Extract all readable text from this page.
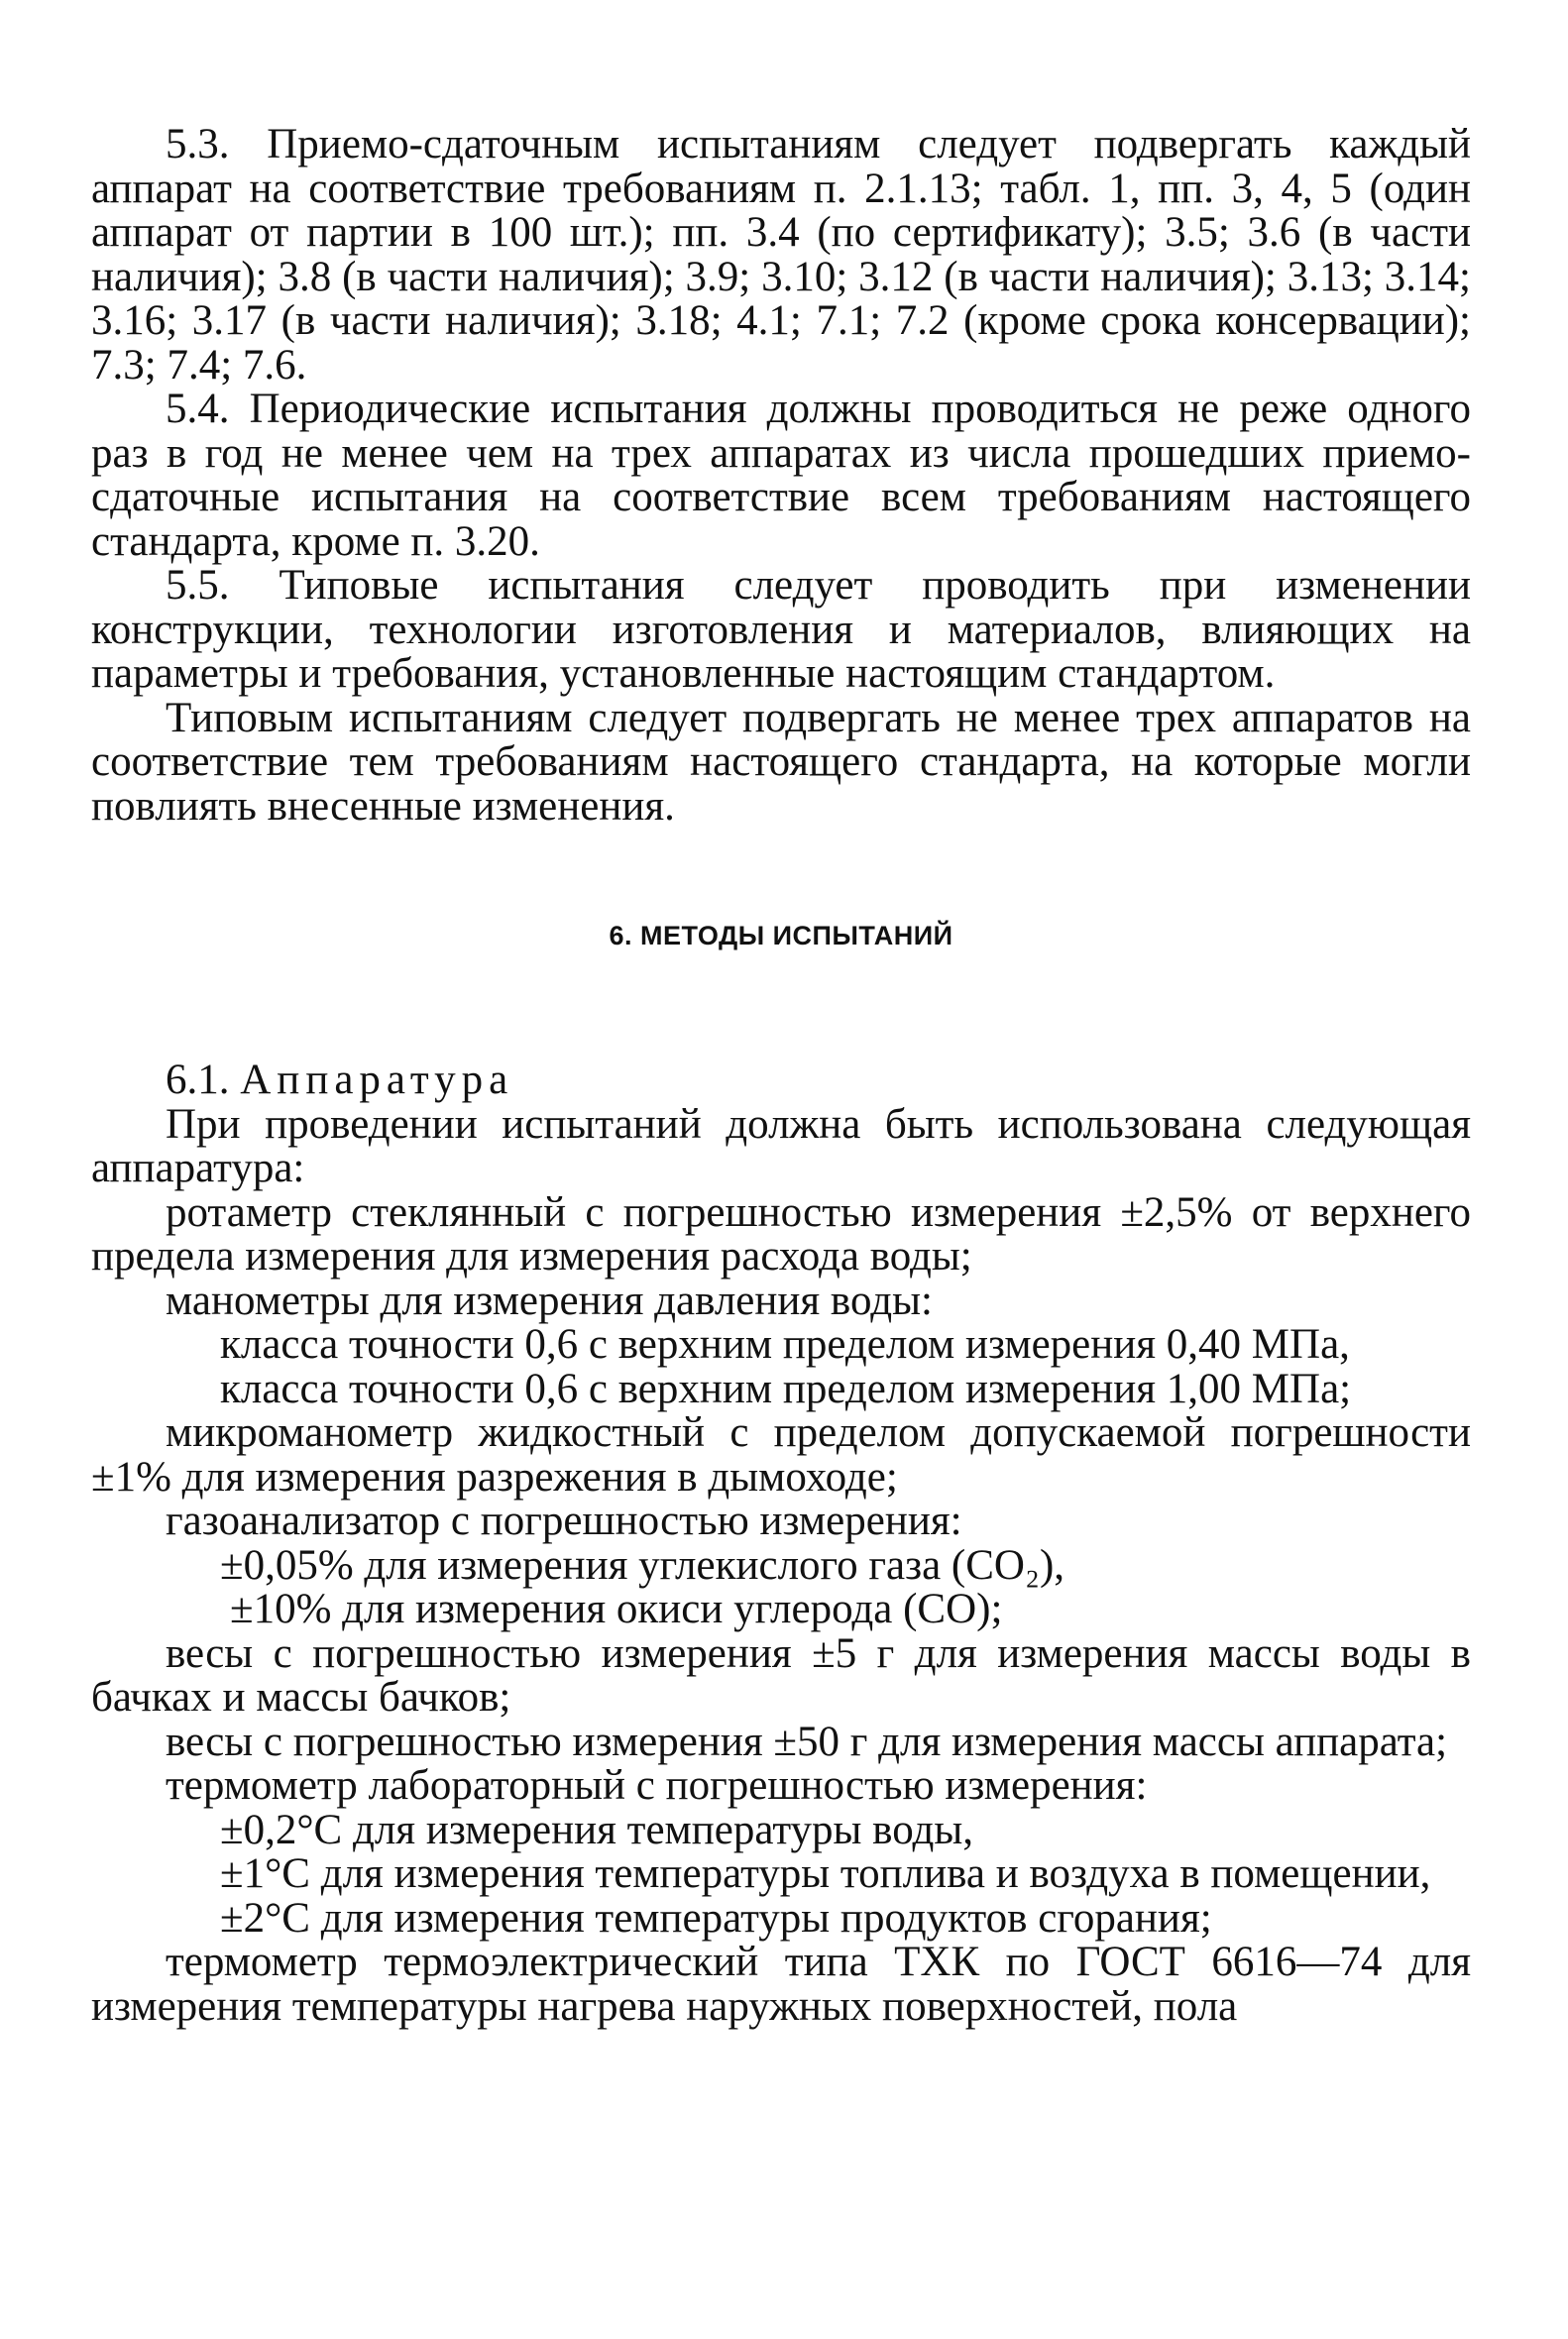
5.3. Приемо-сдаточным испытаниям следует подвергать каждый аппарат на соответствие требованиям п. 2.1.13; табл. 1, пп. 3, 4, 5 (один аппарат от партии в 100 шт.); пп. 3.4 (по сертификату); 3.5; 3.6 (в части наличия); 3.8 (в части наличия); 3.9; 3.10; 3.12 (в части наличия); 3.13; 3.14; 3.16; 3.17 (в части наличия); 3.18; 4.1; 7.1; 7.2 (кроме срока консервации); 7.3; 7.4; 7.6.

5.4. Периодические испытания должны проводиться не реже одного раз в год не менее чем на трех аппаратах из числа прошедших приемо-сдаточные испытания на соответствие всем требованиям настоящего стандарта, кроме п. 3.20.

5.5. Типовые испытания следует проводить при изменении конструкции, технологии изготовления и материалов, влияющих на параметры и требования, установленные настоящим стандартом.

Типовым испытаниям следует подвергать не менее трех аппаратов на соответствие тем требованиям настоящего стандарта, на которые могли повлиять внесенные изменения.

6. МЕТОДЫ ИСПЫТАНИЙ

6.1. Аппаратура

При проведении испытаний должна быть использована следующая аппаратура:

ротаметр стеклянный с погрешностью измерения ±2,5% от верхнего предела измерения для измерения расхода воды;

манометры для измерения давления воды:

класса точности 0,6 с верхним пределом измерения 0,40 МПа,

класса точности 0,6 с верхним пределом измерения 1,00 МПа;

микроманометр жидкостный с пределом допускаемой погрешности ±1% для измерения разрежения в дымоходе;

газоанализатор с погрешностью измерения:

±0,05% для измерения углекислого газа (CO₂),

±10% для измерения окиси углерода (CO);

весы с погрешностью измерения ±5 г для измерения массы воды в бачках и массы бачков;

весы с погрешностью измерения ±50 г для измерения массы аппарата;

термометр лабораторный с погрешностью измерения:

±0,2°С для измерения температуры воды,

±1°С для измерения температуры топлива и воздуха в помещении,

±2°С для измерения температуры продуктов сгорания;

термометр термоэлектрический типа ТХК по ГОСТ 6616—74 для измерения температуры нагрева наружных поверхностей, пола
